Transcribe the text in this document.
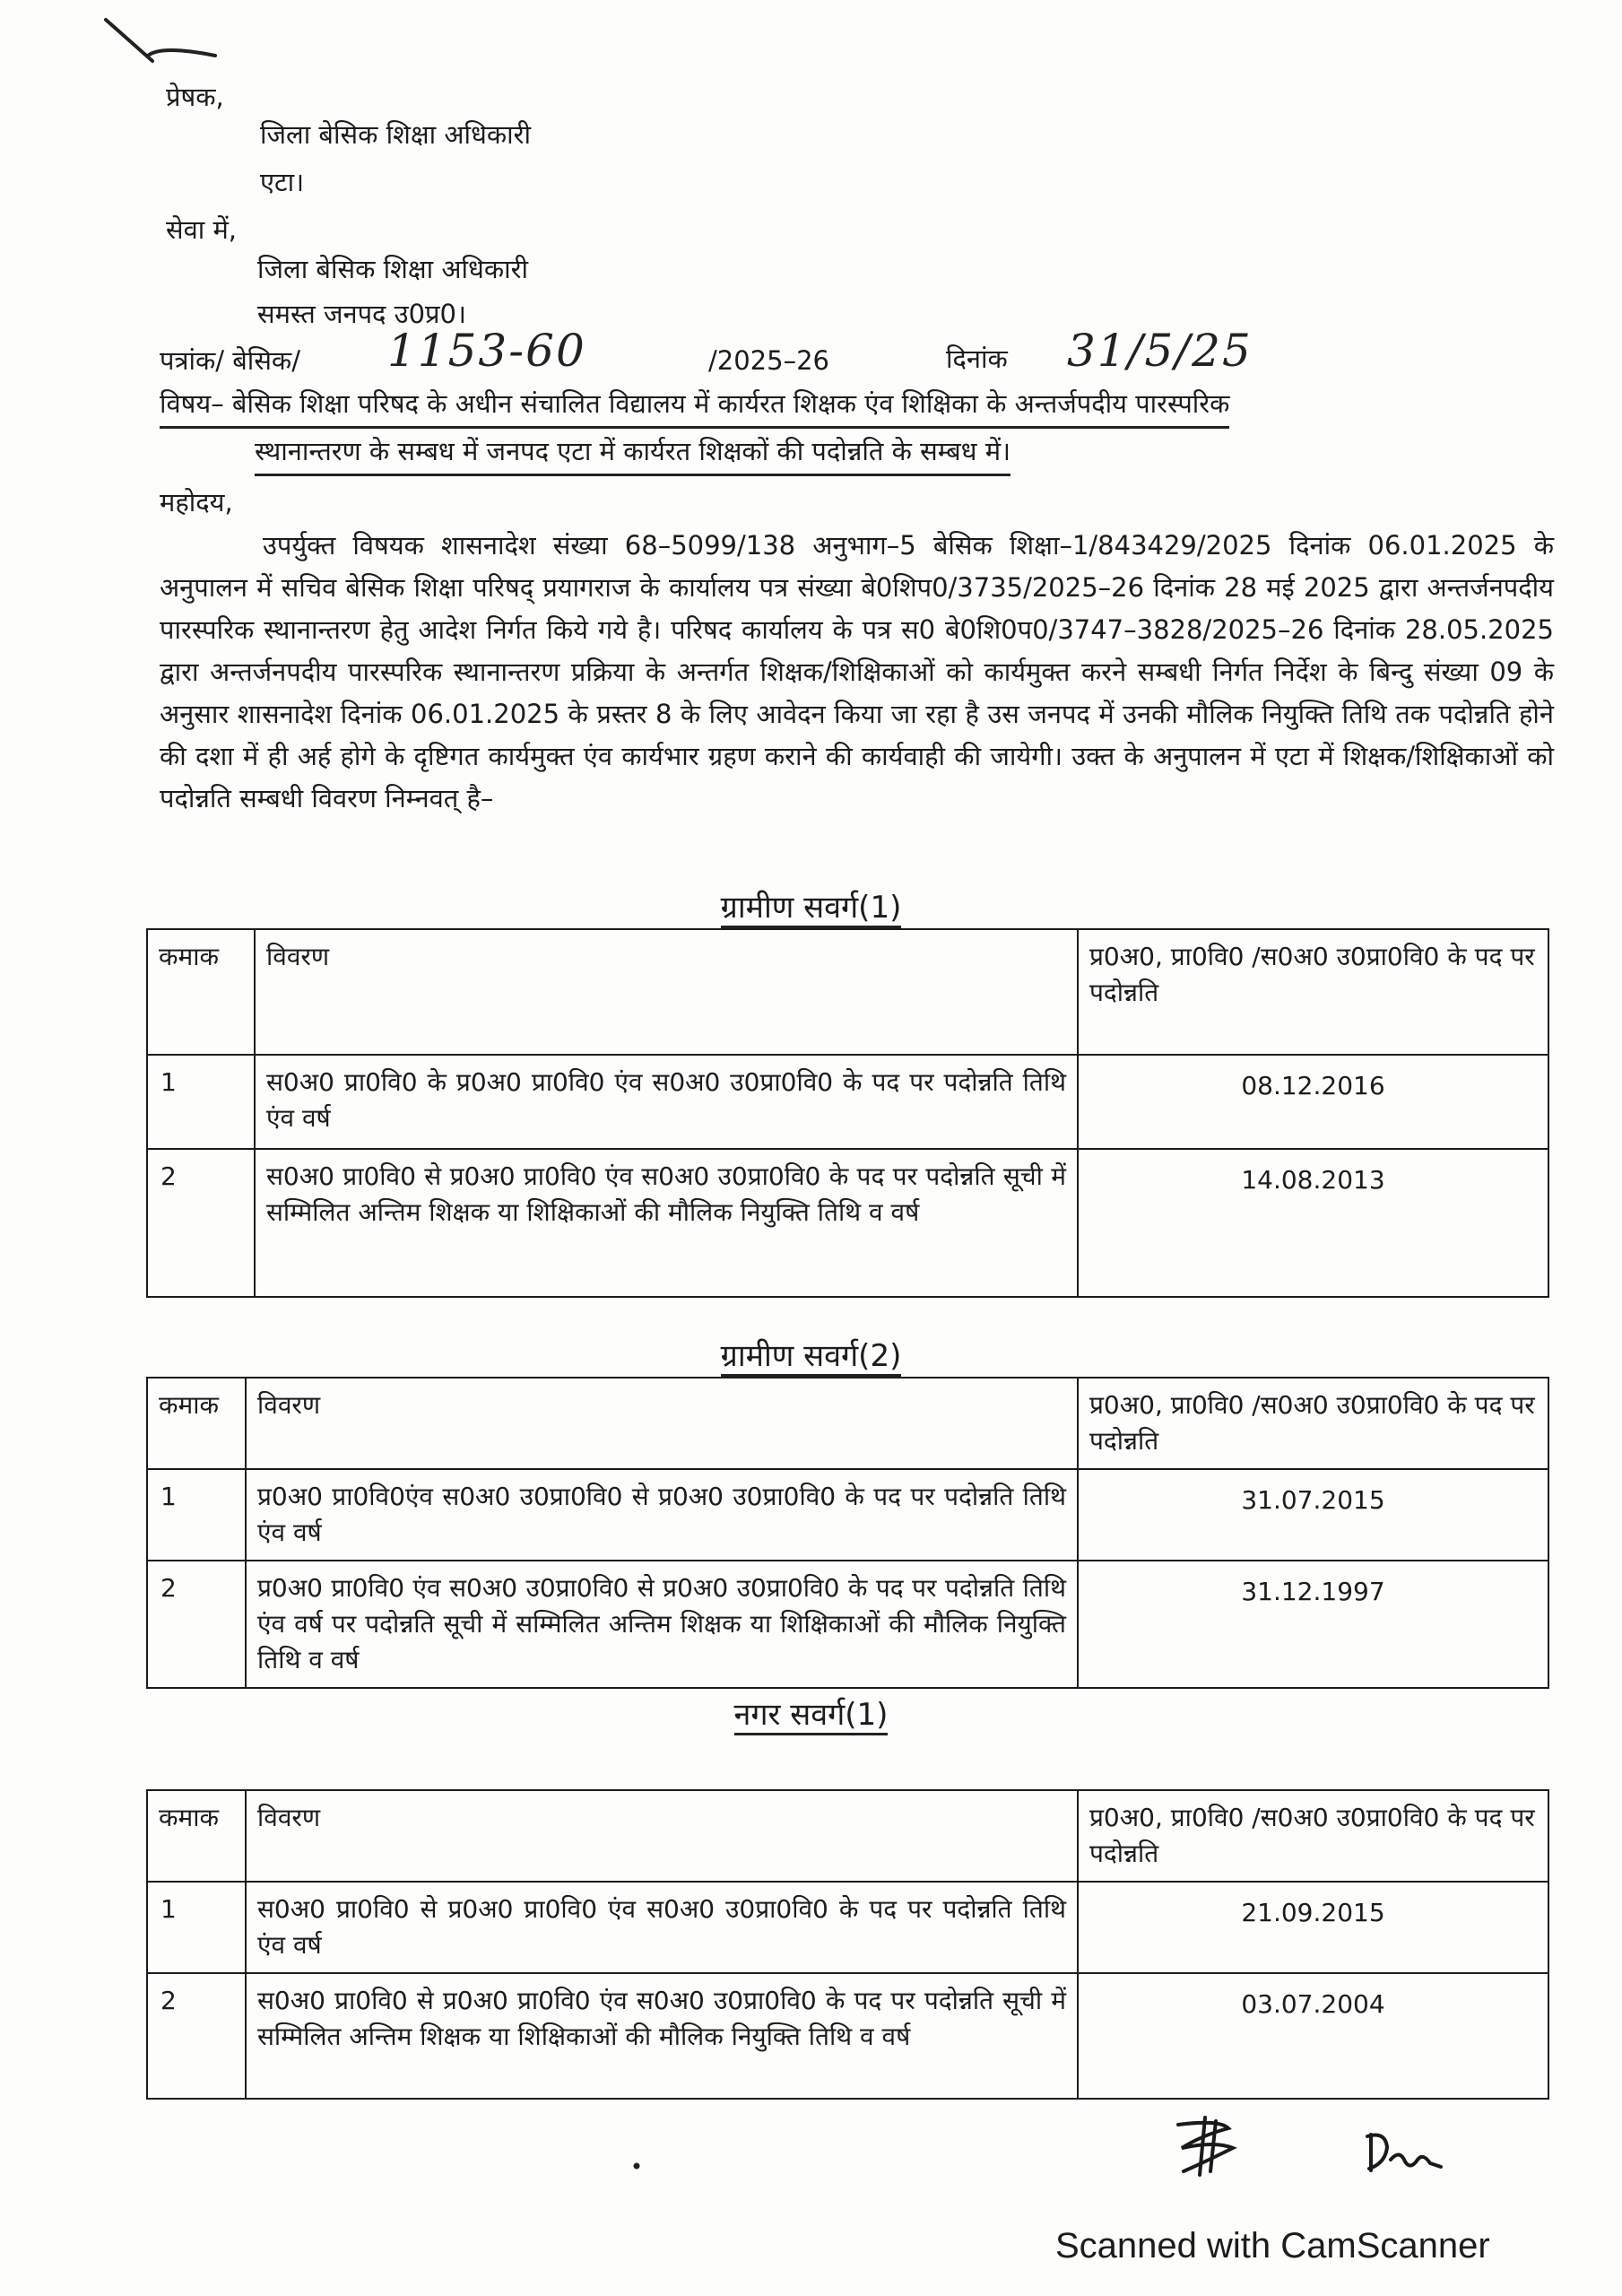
प्रेषक,
जिला बेसिक शिक्षा अधिकारी
एटा।
सेवा में,
जिला बेसिक शिक्षा अधिकारी
समस्त जनपद उ0प्र0।
पत्रांक/ बेसिक/ 1153-60	/2025–26	दिनांक 31/5/25
विषय– बेसिक शिक्षा परिषद के अधीन संचालित विद्यालय में कार्यरत शिक्षक एंव शिक्षिका के अन्तर्जपदीय पारस्परिक
स्थानान्तरण के सम्बध में जनपद एटा में कार्यरत शिक्षकों की पदोन्नति के सम्बध में।
महोदय,
उपर्युक्त विषयक शासनादेश संख्या 68–5099/138 अनुभाग–5 बेसिक शिक्षा–1/843429/2025 दिनांक 06.01.2025 के अनुपालन में सचिव बेसिक शिक्षा परिषद् प्रयागराज के कार्यालय पत्र संख्या बे0शिप0/3735/2025–26 दिनांक 28 मई 2025 द्वारा अन्तर्जनपदीय पारस्परिक स्थानान्तरण हेतु आदेश निर्गत किये गये है। परिषद कार्यालय के पत्र स0 बे0शि0प0/3747–3828/2025–26 दिनांक 28.05.2025 द्वारा अन्तर्जनपदीय पारस्परिक स्थानान्तरण प्रक्रिया के अन्तर्गत शिक्षक/शिक्षिकाओं को कार्यमुक्त करने सम्बधी निर्गत निर्देश के बिन्दु संख्या 09 के अनुसार शासनादेश दिनांक 06.01.2025 के प्रस्तर 8 के लिए आवेदन किया जा रहा है उस जनपद में उनकी मौलिक नियुक्ति तिथि तक पदोन्नति होने की दशा में ही अर्ह होगे के दृष्टिगत कार्यमुक्त एंव कार्यभार ग्रहण कराने की कार्यवाही की जायेगी। उक्त के अनुपालन में एटा में शिक्षक/शिक्षिकाओं को पदोन्नति सम्बधी विवरण निम्नवत् है–
ग्रामीण सवर्ग(1)
कमाक	विवरण	प्र0अ0, प्रा0वि0 /स0अ0 उ0प्रा0वि0 के पद पर पदोन्नति
1	स0अ0 प्रा0वि0 के प्र0अ0 प्रा0वि0 एंव स0अ0 उ0प्रा0वि0 के पद पर पदोन्नति तिथि एंव वर्ष	08.12.2016
2	स0अ0 प्रा0वि0 से प्र0अ0 प्रा0वि0 एंव स0अ0 उ0प्रा0वि0 के पद पर पदोन्नति सूची में सम्मिलित अन्तिम शिक्षक या शिक्षिकाओं की मौलिक नियुक्ति तिथि व वर्ष	14.08.2013
ग्रामीण सवर्ग(2)
कमाक	विवरण	प्र0अ0, प्रा0वि0 /स0अ0 उ0प्रा0वि0 के पद पर पदोन्नति
1	प्र0अ0 प्रा0वि0एंव स0अ0 उ0प्रा0वि0 से प्र0अ0 उ0प्रा0वि0 के पद पर पदोन्नति तिथि एंव वर्ष	31.07.2015
2	प्र0अ0 प्रा0वि0 एंव स0अ0 उ0प्रा0वि0 से प्र0अ0 उ0प्रा0वि0 के पद पर पदोन्नति तिथि एंव वर्ष पर पदोन्नति सूची में सम्मिलित अन्तिम शिक्षक या शिक्षिकाओं की मौलिक नियुक्ति तिथि व वर्ष	31.12.1997
नगर सवर्ग(1)
कमाक	विवरण	प्र0अ0, प्रा0वि0 /स0अ0 उ0प्रा0वि0 के पद पर पदोन्नति
1	स0अ0 प्रा0वि0 से प्र0अ0 प्रा0वि0 एंव स0अ0 उ0प्रा0वि0 के पद पर पदोन्नति तिथि एंव वर्ष	21.09.2015
2	स0अ0 प्रा0वि0 से प्र0अ0 प्रा0वि0 एंव स0अ0 उ0प्रा0वि0 के पद पर पदोन्नति सूची में सम्मिलित अन्तिम शिक्षक या शिक्षिकाओं की मौलिक नियुक्ति तिथि व वर्ष	03.07.2004
Scanned with CamScanner
